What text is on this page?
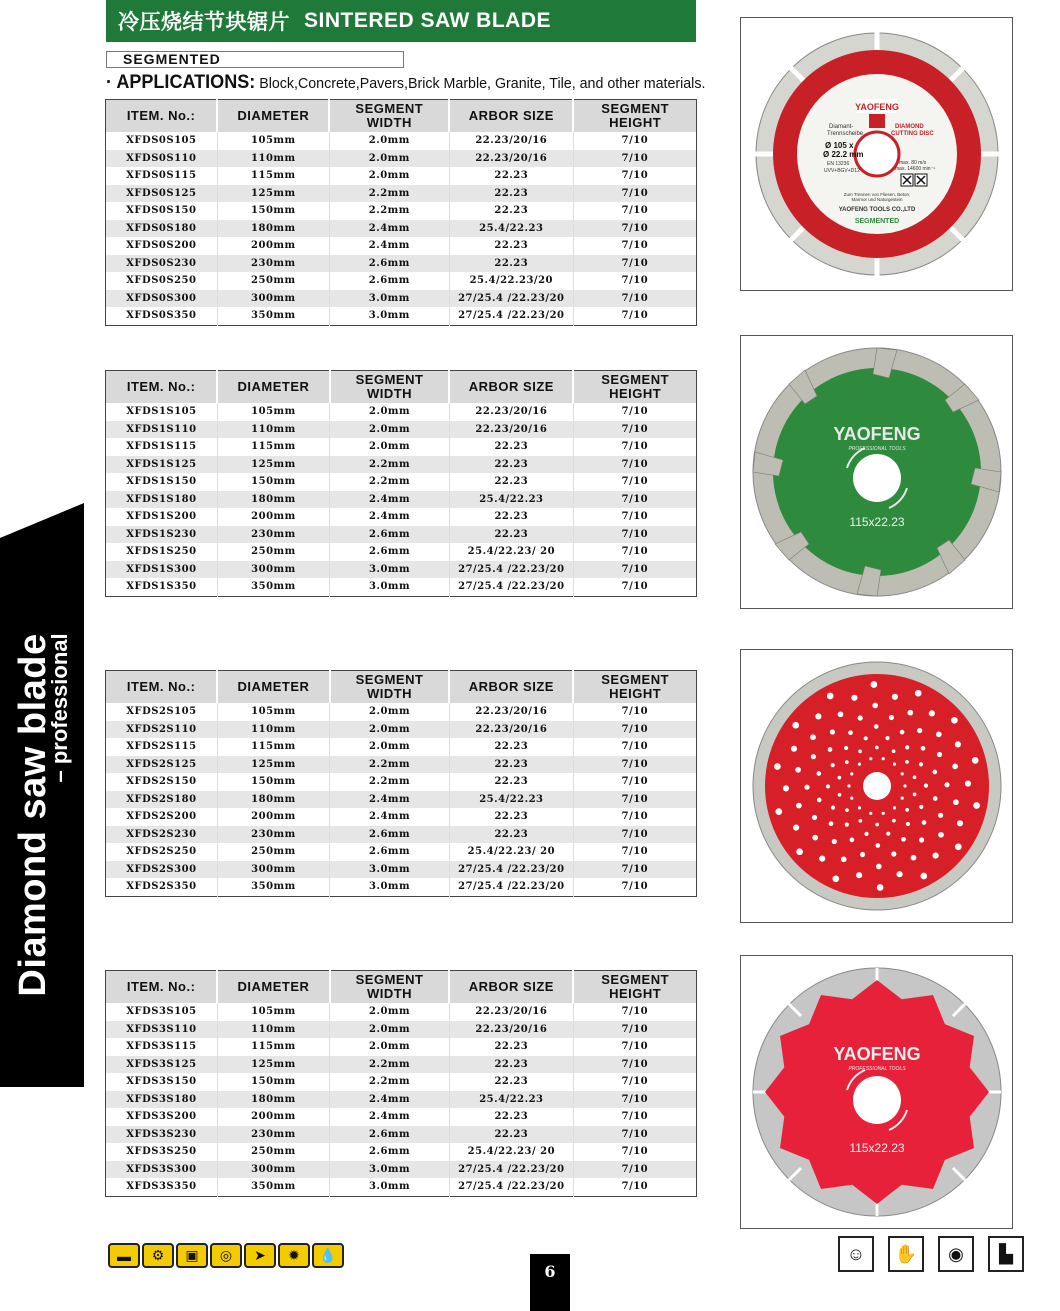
冷压烧结节块锯片 SINTERED SAW BLADE
SEGMENTED
· APPLICATIONS: Block,Concrete,Pavers,Brick Marble, Granite, Tile, and other materials.
ITEM. No.:	DIAMETER	SEGMENT
WIDTH	ARBOR SIZE	SEGMENT
HEIGHT
XFDS0S105	105mm	2.0mm	22.23/20/16	7/10
XFDS0S110	110mm	2.0mm	22.23/20/16	7/10
XFDS0S115	115mm	2.0mm	22.23	7/10
XFDS0S125	125mm	2.2mm	22.23	7/10
XFDS0S150	150mm	2.2mm	22.23	7/10
XFDS0S180	180mm	2.4mm	25.4/22.23	7/10
XFDS0S200	200mm	2.4mm	22.23	7/10
XFDS0S230	230mm	2.6mm	22.23	7/10
XFDS0S250	250mm	2.6mm	25.4/22.23/20	7/10
XFDS0S300	300mm	3.0mm	27/25.4 /22.23/20	7/10
XFDS0S350	350mm	3.0mm	27/25.4 /22.23/20	7/10
ITEM. No.:	DIAMETER	SEGMENT
WIDTH	ARBOR SIZE	SEGMENT
HEIGHT
XFDS1S105	105mm	2.0mm	22.23/20/16	7/10
XFDS1S110	110mm	2.0mm	22.23/20/16	7/10
XFDS1S115	115mm	2.0mm	22.23	7/10
XFDS1S125	125mm	2.2mm	22.23	7/10
XFDS1S150	150mm	2.2mm	22.23	7/10
XFDS1S180	180mm	2.4mm	25.4/22.23	7/10
XFDS1S200	200mm	2.4mm	22.23	7/10
XFDS1S230	230mm	2.6mm	22.23	7/10
XFDS1S250	250mm	2.6mm	25.4/22.23/ 20	7/10
XFDS1S300	300mm	3.0mm	27/25.4 /22.23/20	7/10
XFDS1S350	350mm	3.0mm	27/25.4 /22.23/20	7/10
ITEM. No.:	DIAMETER	SEGMENT
WIDTH	ARBOR SIZE	SEGMENT
HEIGHT
XFDS2S105	105mm	2.0mm	22.23/20/16	7/10
XFDS2S110	110mm	2.0mm	22.23/20/16	7/10
XFDS2S115	115mm	2.0mm	22.23	7/10
XFDS2S125	125mm	2.2mm	22.23	7/10
XFDS2S150	150mm	2.2mm	22.23	7/10
XFDS2S180	180mm	2.4mm	25.4/22.23	7/10
XFDS2S200	200mm	2.4mm	22.23	7/10
XFDS2S230	230mm	2.6mm	22.23	7/10
XFDS2S250	250mm	2.6mm	25.4/22.23/ 20	7/10
XFDS2S300	300mm	3.0mm	27/25.4 /22.23/20	7/10
XFDS2S350	350mm	3.0mm	27/25.4 /22.23/20	7/10
ITEM. No.:	DIAMETER	SEGMENT
WIDTH	ARBOR SIZE	SEGMENT
HEIGHT
XFDS3S105	105mm	2.0mm	22.23/20/16	7/10
XFDS3S110	110mm	2.0mm	22.23/20/16	7/10
XFDS3S115	115mm	2.0mm	22.23	7/10
XFDS3S125	125mm	2.2mm	22.23	7/10
XFDS3S150	150mm	2.2mm	22.23	7/10
XFDS3S180	180mm	2.4mm	25.4/22.23	7/10
XFDS3S200	200mm	2.4mm	22.23	7/10
XFDS3S230	230mm	2.6mm	22.23	7/10
XFDS3S250	250mm	2.6mm	25.4/22.23/ 20	7/10
XFDS3S300	300mm	3.0mm	27/25.4 /22.23/20	7/10
XFDS3S350	350mm	3.0mm	27/25.4 /22.23/20	7/10
YAOFENG
Diamant-
Trennscheibe
DIAMOND
CUTTING DISC
Ø 105 x
Ø 22.2 mm
EN 13236
UVV+BGV+D12
max. 80 m/s
max. 14600 min⁻¹
Zum Trennen von Fliesen, Beton,
Marmor und Naturgestein
YAOFENG TOOLS CO.,LTD
SEGMENTED
YAOFENG
PROFESSIONAL TOOLS
115x22.23
YAOFENG
PROFESSIONAL TOOLS
115x22.23
Diamond saw blade
– professional
▬	⚙	▣	◎	➤	✹	💧
6
☺	✋	◉	▙
